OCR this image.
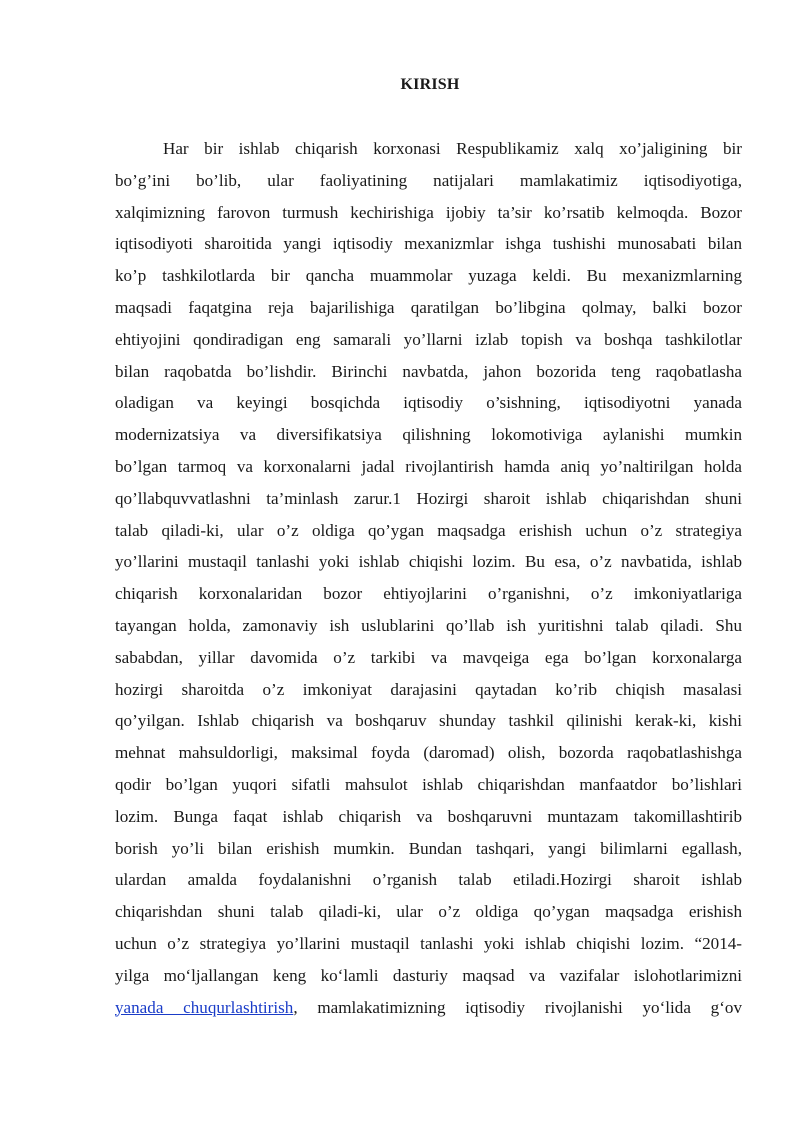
KIRISH
Har bir ishlab chiqarish korxonasi Respublikamiz xalq xo’jaligining bir
bo’g’ini bo’lib, ular faoliyatining natijalari mamlakatimiz iqtisodiyotiga,
xalqimizning farovon turmush kechirishiga ijobiy ta’sir ko’rsatib kelmoqda. Bozor
iqtisodiyoti sharoitida yangi iqtisodiy mexanizmlar ishga tushishi munosabati bilan
ko’p tashkilotlarda bir qancha muammolar yuzaga keldi. Bu mexanizmlarning
maqsadi faqatgina reja bajarilishiga qaratilgan bo’libgina qolmay, balki bozor
ehtiyojini qondiradigan eng samarali yo’llarni izlab topish va boshqa tashkilotlar
bilan raqobatda bo’lishdir. Birinchi navbatda, jahon bozorida teng raqobatlasha
oladigan va keyingi bosqichda iqtisodiy o’sishning, iqtisodiyotni yanada
modernizatsiya va diversifikatsiya qilishning lokomotiviga aylanishi mumkin
bo’lgan tarmoq va korxonalarni jadal rivojlantirish hamda aniq yo’naltirilgan holda
qo’llabquvvatlashni ta’minlash zarur.1 Hozirgi sharoit ishlab chiqarishdan shuni
talab qiladi-ki, ular o’z oldiga qo’ygan maqsadga erishish uchun o’z strategiya
yo’llarini mustaqil tanlashi yoki ishlab chiqishi lozim. Bu esa, o’z navbatida, ishlab
chiqarish korxonalaridan bozor ehtiyojlarini o’rganishni, o’z imkoniyatlariga
tayangan holda, zamonaviy ish uslublarini qo’llab ish yuritishni talab qiladi. Shu
sababdan, yillar davomida o’z tarkibi va mavqeiga ega bo’lgan korxonalarga
hozirgi sharoitda o’z imkoniyat darajasini qaytadan ko’rib chiqish masalasi
qo’yilgan. Ishlab chiqarish va boshqaruv shunday tashkil qilinishi kerak-ki, kishi
mehnat mahsuldorligi, maksimal foyda (daromad) olish, bozorda raqobatlashishga
qodir bo’lgan yuqori sifatli mahsulot ishlab chiqarishdan manfaatdor bo’lishlari
lozim. Bunga faqat ishlab chiqarish va boshqaruvni muntazam takomillashtirib
borish yo’li bilan erishish mumkin. Bundan tashqari, yangi bilimlarni egallash,
ulardan amalda foydalanishni o’rganish talab etiladi.Hozirgi sharoit ishlab
chiqarishdan shuni talab qiladi-ki, ular o’z oldiga qo’ygan maqsadga erishish
uchun o’z strategiya yo’llarini mustaqil tanlashi yoki ishlab chiqishi lozim. “2014-
yilga mo‘ljallangan keng ko‘lamli dasturiy maqsad va vazifalar islohotlarimizni
yanada chuqurlashtirish, mamlakatimizning iqtisodiy rivojlanishi yo‘lida g‘ov
